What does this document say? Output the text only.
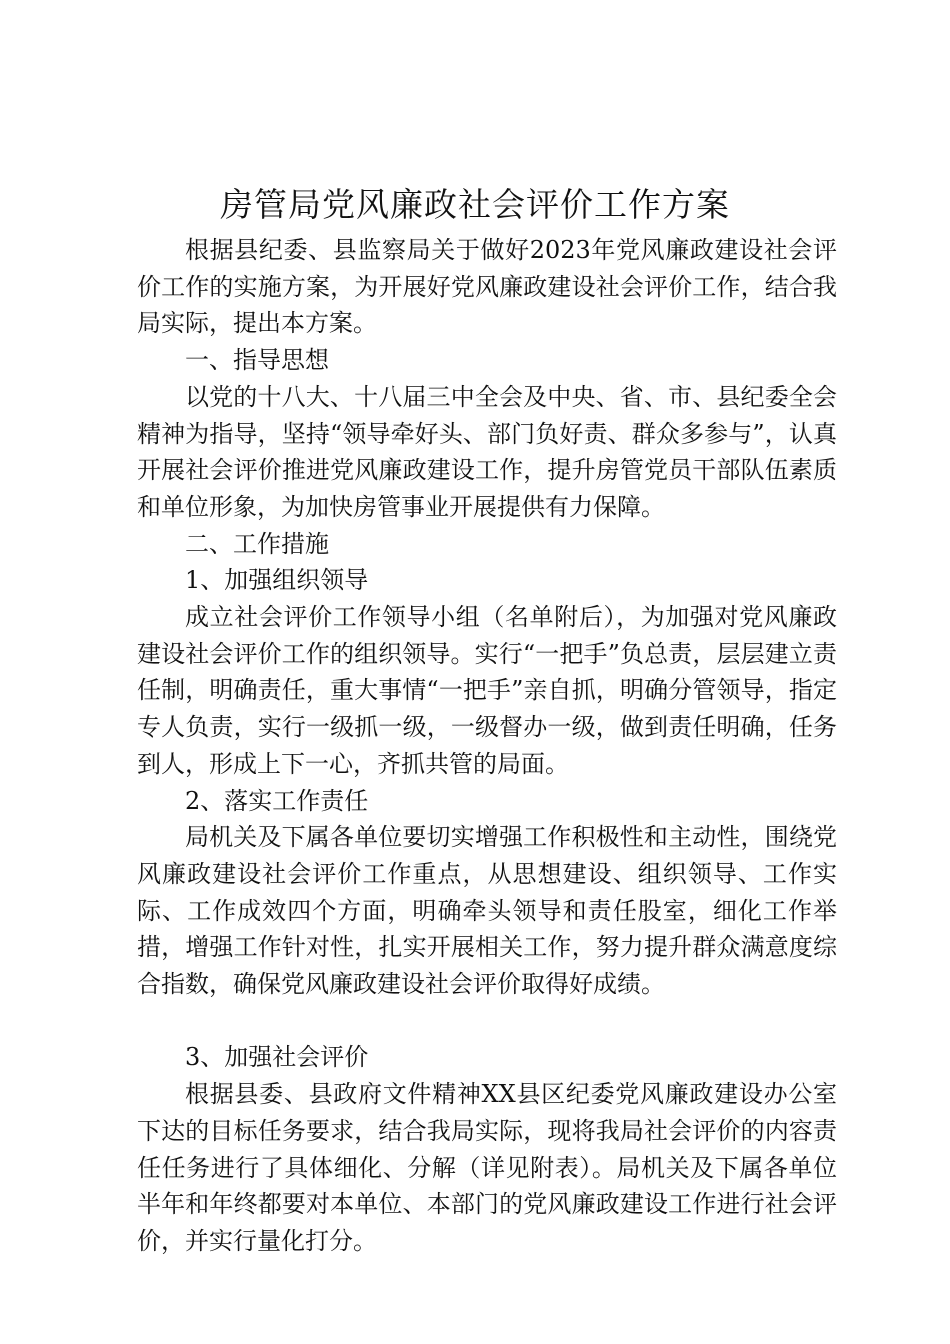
房管局党风廉政社会评价工作方案

根据县纪委、县监察局关于做好2023年党风廉政建设社会评价工作的实施方案，为开展好党风廉政建设社会评价工作，结合我局实际，提出本方案。

一、指导思想

以党的十八大、十八届三中全会及中央、省、市、县纪委全会精神为指导，坚持“领导牵好头、部门负好责、群众多参与”，认真开展社会评价推进党风廉政建设工作，提升房管党员干部队伍素质和单位形象，为加快房管事业开展提供有力保障。

二、工作措施

1、加强组织领导

成立社会评价工作领导小组（名单附后），为加强对党风廉政建设社会评价工作的组织领导。实行“一把手”负总责，层层建立责任制，明确责任，重大事情“一把手”亲自抓，明确分管领导，指定专人负责，实行一级抓一级，一级督办一级，做到责任明确，任务到人，形成上下一心，齐抓共管的局面。

2、落实工作责任

局机关及下属各单位要切实增强工作积极性和主动性，围绕党风廉政建设社会评价工作重点，从思想建设、组织领导、工作实际、工作成效四个方面，明确牵头领导和责任股室，细化工作举措，增强工作针对性，扎实开展相关工作，努力提升群众满意度综合指数，确保党风廉政建设社会评价取得好成绩。

3、加强社会评价

根据县委、县政府文件精神XX县区纪委党风廉政建设办公室下达的目标任务要求，结合我局实际，现将我局社会评价的内容责任任务进行了具体细化、分解（详见附表）。局机关及下属各单位半年和年终都要对本单位、本部门的党风廉政建设工作进行社会评价，并实行量化打分。
